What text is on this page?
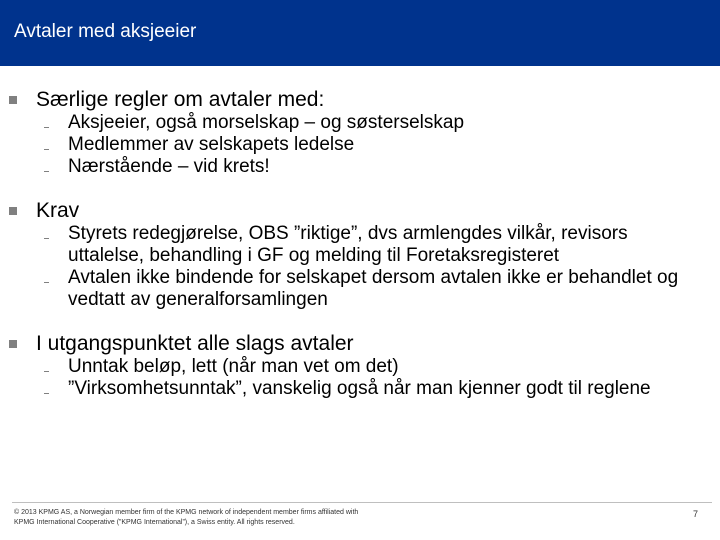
Avtaler med aksjeeier
Særlige regler om avtaler med:
Aksjeeier, også morselskap – og søsterselskap
Medlemmer av selskapets ledelse
Nærstående – vid krets!
Krav
Styrets redegjørelse, OBS ”riktige”, dvs armlengdes vilkår, revisors uttalelse, behandling i GF og melding til Foretaksregisteret
Avtalen ikke bindende for selskapet dersom avtalen ikke er behandlet og vedtatt av generalforsamlingen
I utgangspunktet alle slags avtaler
Unntak beløp, lett (når man vet om det)
”Virksomhetsunntak”, vanskelig også når man kjenner godt til reglene
© 2013 KPMG AS, a Norwegian member firm of the KPMG network of independent member firms affiliated with
KPMG International Cooperative (”KPMG International”), a Swiss entity. All rights reserved.
7
